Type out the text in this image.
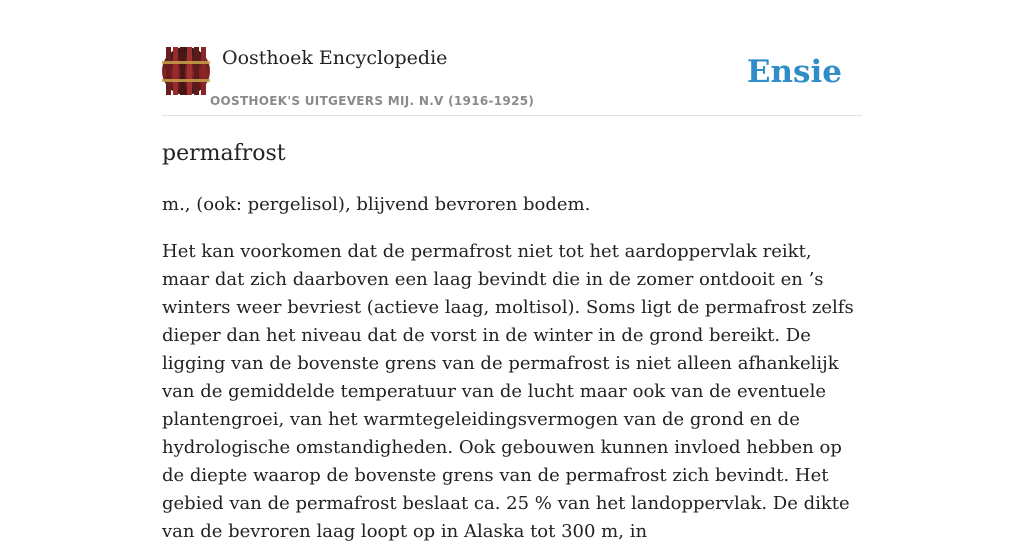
Oosthoek Encyclopedie
OOSTHOEK'S UITGEVERS MIJ. N.V (1916-1925)
Ensie
permafrost

m., (ook: pergelisol), blijvend bevroren bodem.

Het kan voorkomen dat de permafrost niet tot het aardoppervlak reikt, maar dat zich daarboven een laag bevindt die in de zomer ontdooit en ’s winters weer bevriest (actieve laag, moltisol). Soms ligt de permafrost zelfs dieper dan het niveau dat de vorst in de winter in de grond bereikt. De ligging van de bovenste grens van de permafrost is niet alleen afhankelijk van de gemiddelde temperatuur van de lucht maar ook van de eventuele plantengroei, van het warmtegeleidingsvermogen van de grond en de hydrologische omstandigheden. Ook gebouwen kunnen invloed hebben op de diepte waarop de bovenste grens van de permafrost zich bevindt. Het gebied van de permafrost beslaat ca. 25 % van het landoppervlak. De dikte van de bevroren laag loopt op in Alaska tot 300 m, in
